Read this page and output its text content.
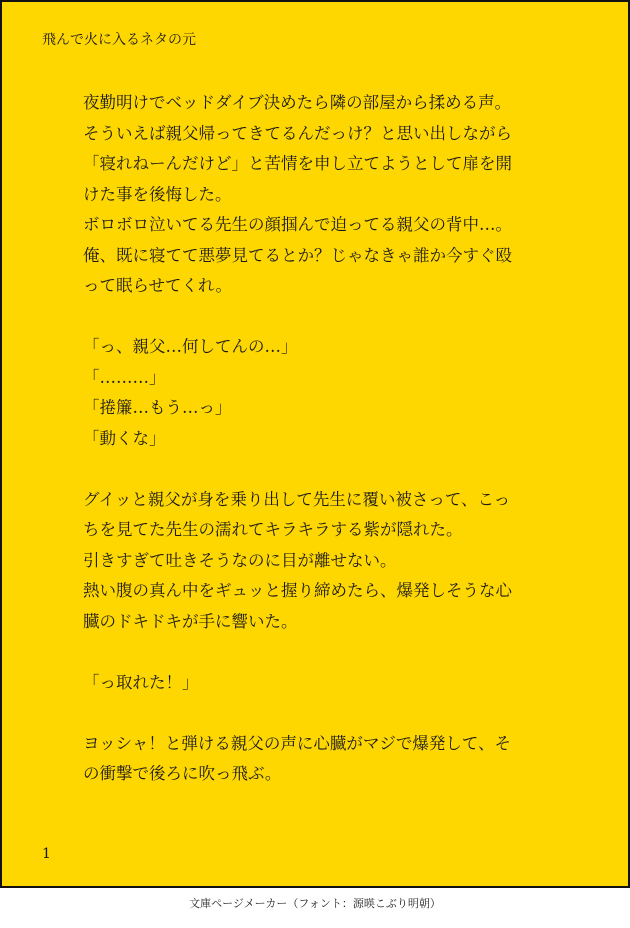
飛んで火に入るネタの元
夜勤明けでベッドダイブ決めたら隣の部屋から揉める声。
そういえば親父帰ってきてるんだっけ？と思い出しながら
「寝れねーんだけど」と苦情を申し立てようとして扉を開
けた事を後悔した。
ボロボロ泣いてる先生の顔掴んで迫ってる親父の背中…。
俺、既に寝てて悪夢見てるとか？じゃなきゃ誰か今すぐ殴
って眠らせてくれ。
「っ、親父…何してんの…」
「………」
「捲簾…もう…っ」
「動くな」
グイッと親父が身を乗り出して先生に覆い被さって、こっ
ちを見てた先生の濡れてキラキラする紫が隠れた。
引きすぎて吐きそうなのに目が離せない。
熱い腹の真ん中をギュッと握り締めたら、爆発しそうな心
臓のドキドキが手に響いた。
「っ取れた！」
ヨッシャ！と弾ける親父の声に心臓がマジで爆発して、そ
の衝撃で後ろに吹っ飛ぶ。
1
文庫ページメーカー（フォント：源暎こぶり明朝）
